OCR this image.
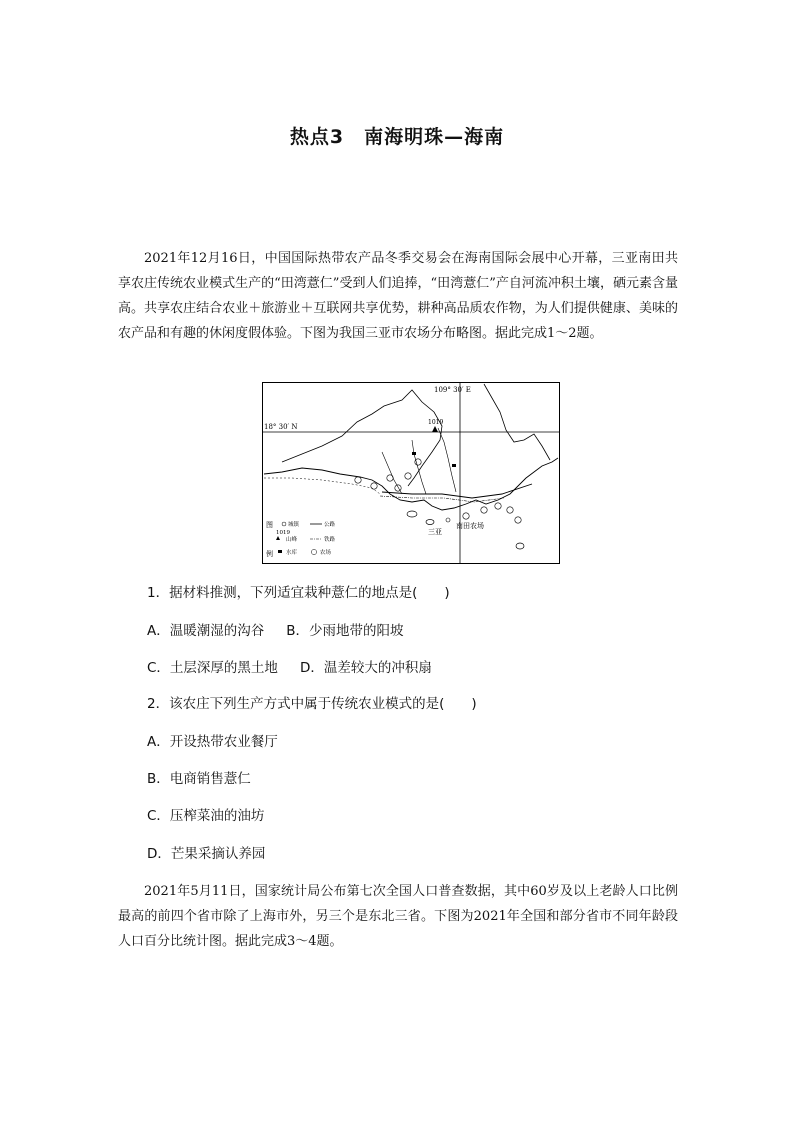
热点3　南海明珠—海南
2021年12月16日，中国国际热带农产品冬季交易会在海南国际会展中心开幕，三亚南田共享农庄传统农业模式生产的“田湾薏仁”受到人们追捧，“田湾薏仁”产自河流冲积土壤，硒元素含量高。共享农庄结合农业＋旅游业＋互联网共享优势，耕种高品质农作物，为人们提供健康、美味的农产品和有趣的休闲度假体验。下图为我国三亚市农场分布略图。据此完成1～2题。
109° 30′ E
18° 30′ N
1019
三亚
南田农场
图
例
城镇	公路
1019
山峰	铁路
水库	农场
1．据材料推测，下列适宜栽种薏仁的地点是(　　)
A．温暖潮湿的沟谷 B．少雨地带的阳坡
C．土层深厚的黑土地 D．温差较大的冲积扇
2．该农庄下列生产方式中属于传统农业模式的是(　　)
A．开设热带农业餐厅
B．电商销售薏仁
C．压榨菜油的油坊
D．芒果采摘认养园
2021年5月11日，国家统计局公布第七次全国人口普查数据，其中60岁及以上老龄人口比例最高的前四个省市除了上海市外，另三个是东北三省。下图为2021年全国和部分省市不同年龄段人口百分比统计图。据此完成3～4题。
